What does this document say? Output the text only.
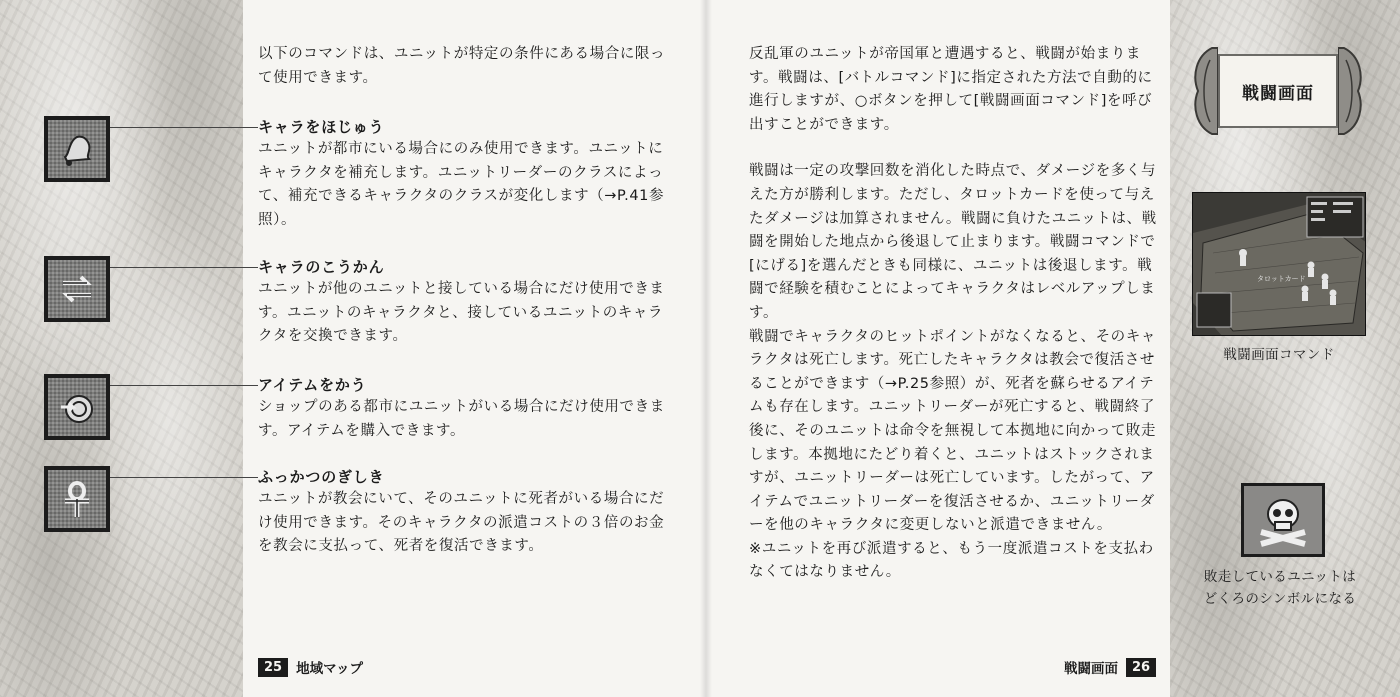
以下のコマンドは、ユニットが特定の条件にある場合に限って使用できます。

キャラをほじゅう

ユニットが都市にいる場合にのみ使用できます。ユニットにキャラクタを補充します。ユニットリーダーのクラスによって、補充できるキャラクタのクラスが変化します（→P.41参照）。

キャラのこうかん

ユニットが他のユニットと接している場合にだけ使用できます。ユニットのキャラクタと、接しているユニットのキャラクタを交換できます。

アイテムをかう

ショップのある都市にユニットがいる場合にだけ使用できます。アイテムを購入できます。

ふっかつのぎしき

ユニットが教会にいて、そのユニットに死者がいる場合にだけ使用できます。そのキャラクタの派遣コストの３倍のお金を教会に支払って、死者を復活できます。

25	地域マップ

反乱軍のユニットが帝国軍と遭遇すると、戦闘が始まります。戦闘は、[バトルコマンド]に指定された方法で自動的に進行しますが、○ボタンを押して[戦闘画面コマンド]を呼び出すことができます。

戦闘は一定の攻撃回数を消化した時点で、ダメージを多く与えた方が勝利します。ただし、タロットカードを使って与えたダメージは加算されません。戦闘に負けたユニットは、戦闘を開始した地点から後退して止まります。戦闘コマンドで[にげる]を選んだときも同様に、ユニットは後退します。戦闘で経験を積むことによってキャラクタはレベルアップします。

戦闘でキャラクタのヒットポイントがなくなると、そのキャラクタは死亡します。死亡したキャラクタは教会で復活させることができます（→P.25参照）が、死者を蘇らせるアイテムも存在します。ユニットリーダーが死亡すると、戦闘終了後に、そのユニットは命令を無視して本拠地に向かって敗走します。本拠地にたどり着くと、ユニットはストックされますが、ユニットリーダーは死亡しています。したがって、アイテムでユニットリーダーを復活させるか、ユニットリーダーを他のキャラクタに変更しないと派遣できません。

※ユニットを再び派遣すると、もう一度派遣コストを支払わなくてはなりません。

戦闘画面
タロットカード
戦闘画面コマンド
敗走しているユニットは
どくろのシンボルになる
戦闘画面	26
